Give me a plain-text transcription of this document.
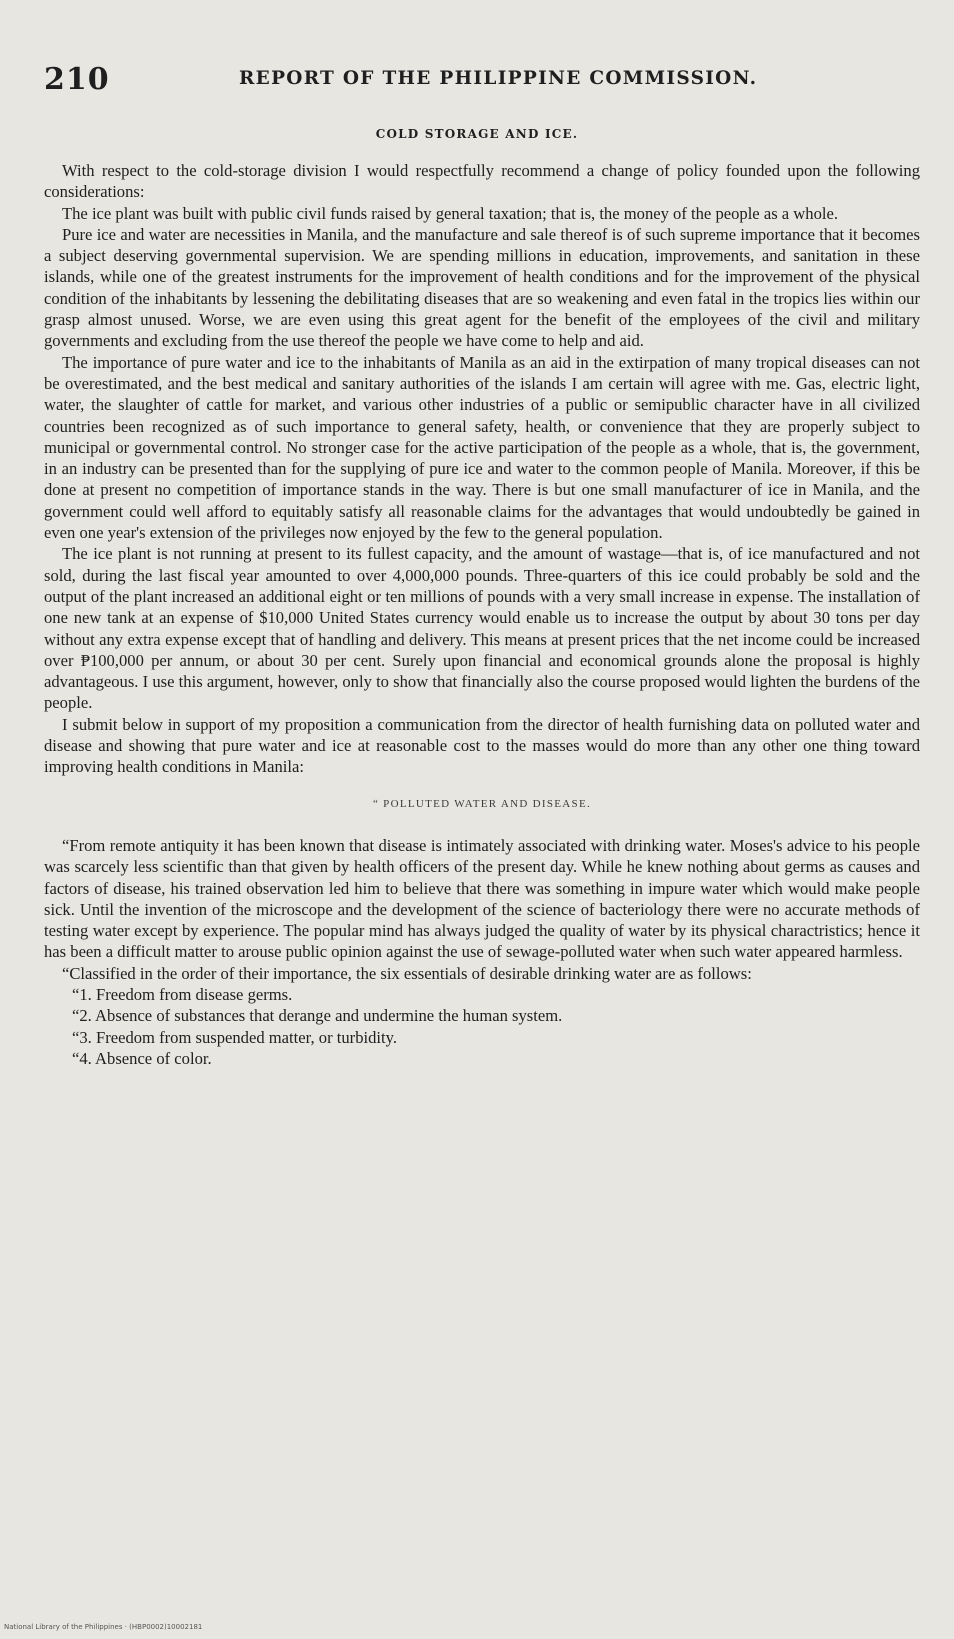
210	REPORT OF THE PHILIPPINE COMMISSION.
COLD STORAGE AND ICE.

With respect to the cold-storage division I would respectfully recommend a change of policy founded upon the following considerations:

The ice plant was built with public civil funds raised by general taxation; that is, the money of the people as a whole.

Pure ice and water are necessities in Manila, and the manufacture and sale thereof is of such supreme importance that it becomes a subject deserving governmental supervision. We are spending millions in education, improvements, and sanitation in these islands, while one of the greatest instruments for the improvement of health conditions and for the improvement of the physical condition of the inhabitants by lessening the debilitating diseases that are so weakening and even fatal in the tropics lies within our grasp almost unused. Worse, we are even using this great agent for the benefit of the employees of the civil and military governments and excluding from the use thereof the people we have come to help and aid.

The importance of pure water and ice to the inhabitants of Manila as an aid in the extirpation of many tropical diseases can not be overestimated, and the best medical and sanitary authorities of the islands I am certain will agree with me. Gas, electric light, water, the slaughter of cattle for market, and various other industries of a public or semipublic character have in all civilized countries been recognized as of such importance to general safety, health, or convenience that they are properly subject to municipal or governmental control. No stronger case for the active participation of the people as a whole, that is, the government, in an industry can be presented than for the supplying of pure ice and water to the common people of Manila. Moreover, if this be done at present no competition of importance stands in the way. There is but one small manufacturer of ice in Manila, and the government could well afford to equitably satisfy all reasonable claims for the advantages that would undoubtedly be gained in even one year's extension of the privileges now enjoyed by the few to the general population.

The ice plant is not running at present to its fullest capacity, and the amount of wastage—that is, of ice manufactured and not sold, during the last fiscal year amounted to over 4,000,000 pounds. Three-quarters of this ice could probably be sold and the output of the plant increased an additional eight or ten millions of pounds with a very small increase in expense. The installation of one new tank at an expense of $10,000 United States currency would enable us to increase the output by about 30 tons per day without any extra expense except that of handling and delivery. This means at present prices that the net income could be increased over ₱100,000 per annum, or about 30 per cent. Surely upon financial and economical grounds alone the proposal is highly advantageous. I use this argument, however, only to show that financially also the course proposed would lighten the burdens of the people.

I submit below in support of my proposition a communication from the director of health furnishing data on polluted water and disease and showing that pure water and ice at reasonable cost to the masses would do more than any other one thing toward improving health conditions in Manila:

“ POLLUTED WATER AND DISEASE.

“From remote antiquity it has been known that disease is intimately associated with drinking water. Moses's advice to his people was scarcely less scientific than that given by health officers of the present day. While he knew nothing about germs as causes and factors of disease, his trained observation led him to believe that there was something in impure water which would make people sick. Until the invention of the microscope and the development of the science of bacteriology there were no accurate methods of testing water except by experience. The popular mind has always judged the quality of water by its physical charactristics; hence it has been a difficult matter to arouse public opinion against the use of sewage-polluted water when such water appeared harmless.

“Classified in the order of their importance, the six essentials of desirable drinking water are as follows:

“1. Freedom from disease germs.

“2. Absence of substances that derange and undermine the human system.

“3. Freedom from suspended matter, or turbidity.

“4. Absence of color.

National Library of the Philippines · (HBP0002)10002181
